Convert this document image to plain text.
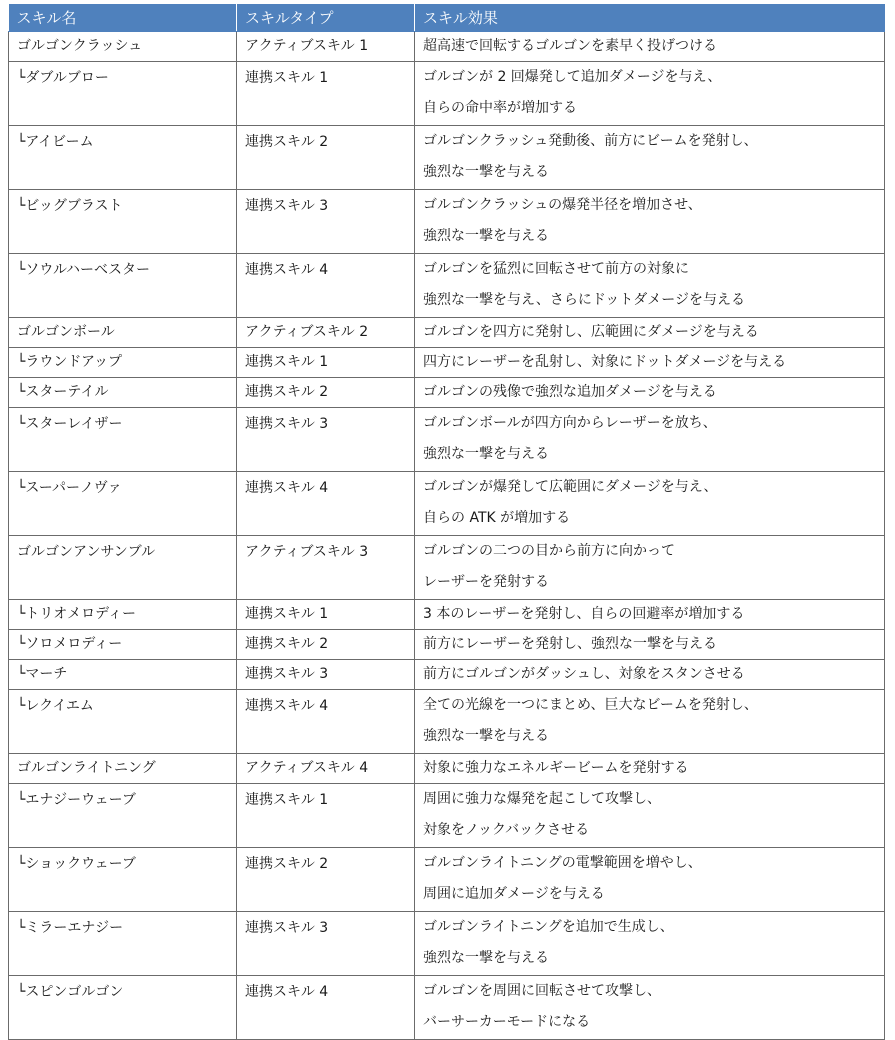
スキル名	スキルタイプ	スキル効果
ゴルゴンクラッシュ	アクティブスキル 1	超高速で回転するゴルゴンを素早く投げつける

└ダブルブロー	連携スキル 1	ゴルゴンが 2 回爆発して追加ダメージを与え、
自らの命中率が増加する

└アイビーム	連携スキル 2	ゴルゴンクラッシュ発動後、前方にビームを発射し、
強烈な一撃を与える

└ビッグブラスト	連携スキル 3	ゴルゴンクラッシュの爆発半径を増加させ、
強烈な一撃を与える

└ソウルハーベスター	連携スキル 4	ゴルゴンを猛烈に回転させて前方の対象に
強烈な一撃を与え、さらにドットダメージを与える

ゴルゴンボール	アクティブスキル 2	ゴルゴンを四方に発射し、広範囲にダメージを与える

└ラウンドアップ	連携スキル 1	四方にレーザーを乱射し、対象にドットダメージを与える

└スターテイル	連携スキル 2	ゴルゴンの残像で強烈な追加ダメージを与える

└スターレイザー	連携スキル 3	ゴルゴンボールが四方向からレーザーを放ち、
強烈な一撃を与える

└スーパーノヴァ	連携スキル 4	ゴルゴンが爆発して広範囲にダメージを与え、
自らの ATK が増加する

ゴルゴンアンサンブル	アクティブスキル 3	ゴルゴンの二つの目から前方に向かって
レーザーを発射する

└トリオメロディー	連携スキル 1	3 本のレーザーを発射し、自らの回避率が増加する

└ソロメロディー	連携スキル 2	前方にレーザーを発射し、強烈な一撃を与える

└マーチ	連携スキル 3	前方にゴルゴンがダッシュし、対象をスタンさせる

└レクイエム	連携スキル 4	全ての光線を一つにまとめ、巨大なビームを発射し、
強烈な一撃を与える

ゴルゴンライトニング	アクティブスキル 4	対象に強力なエネルギービームを発射する

└エナジーウェーブ	連携スキル 1	周囲に強力な爆発を起こして攻撃し、
対象をノックバックさせる

└ショックウェーブ	連携スキル 2	ゴルゴンライトニングの電撃範囲を増やし、
周囲に追加ダメージを与える

└ミラーエナジー	連携スキル 3	ゴルゴンライトニングを追加で生成し、
強烈な一撃を与える

└スピンゴルゴン	連携スキル 4	ゴルゴンを周囲に回転させて攻撃し、
バーサーカーモードになる
